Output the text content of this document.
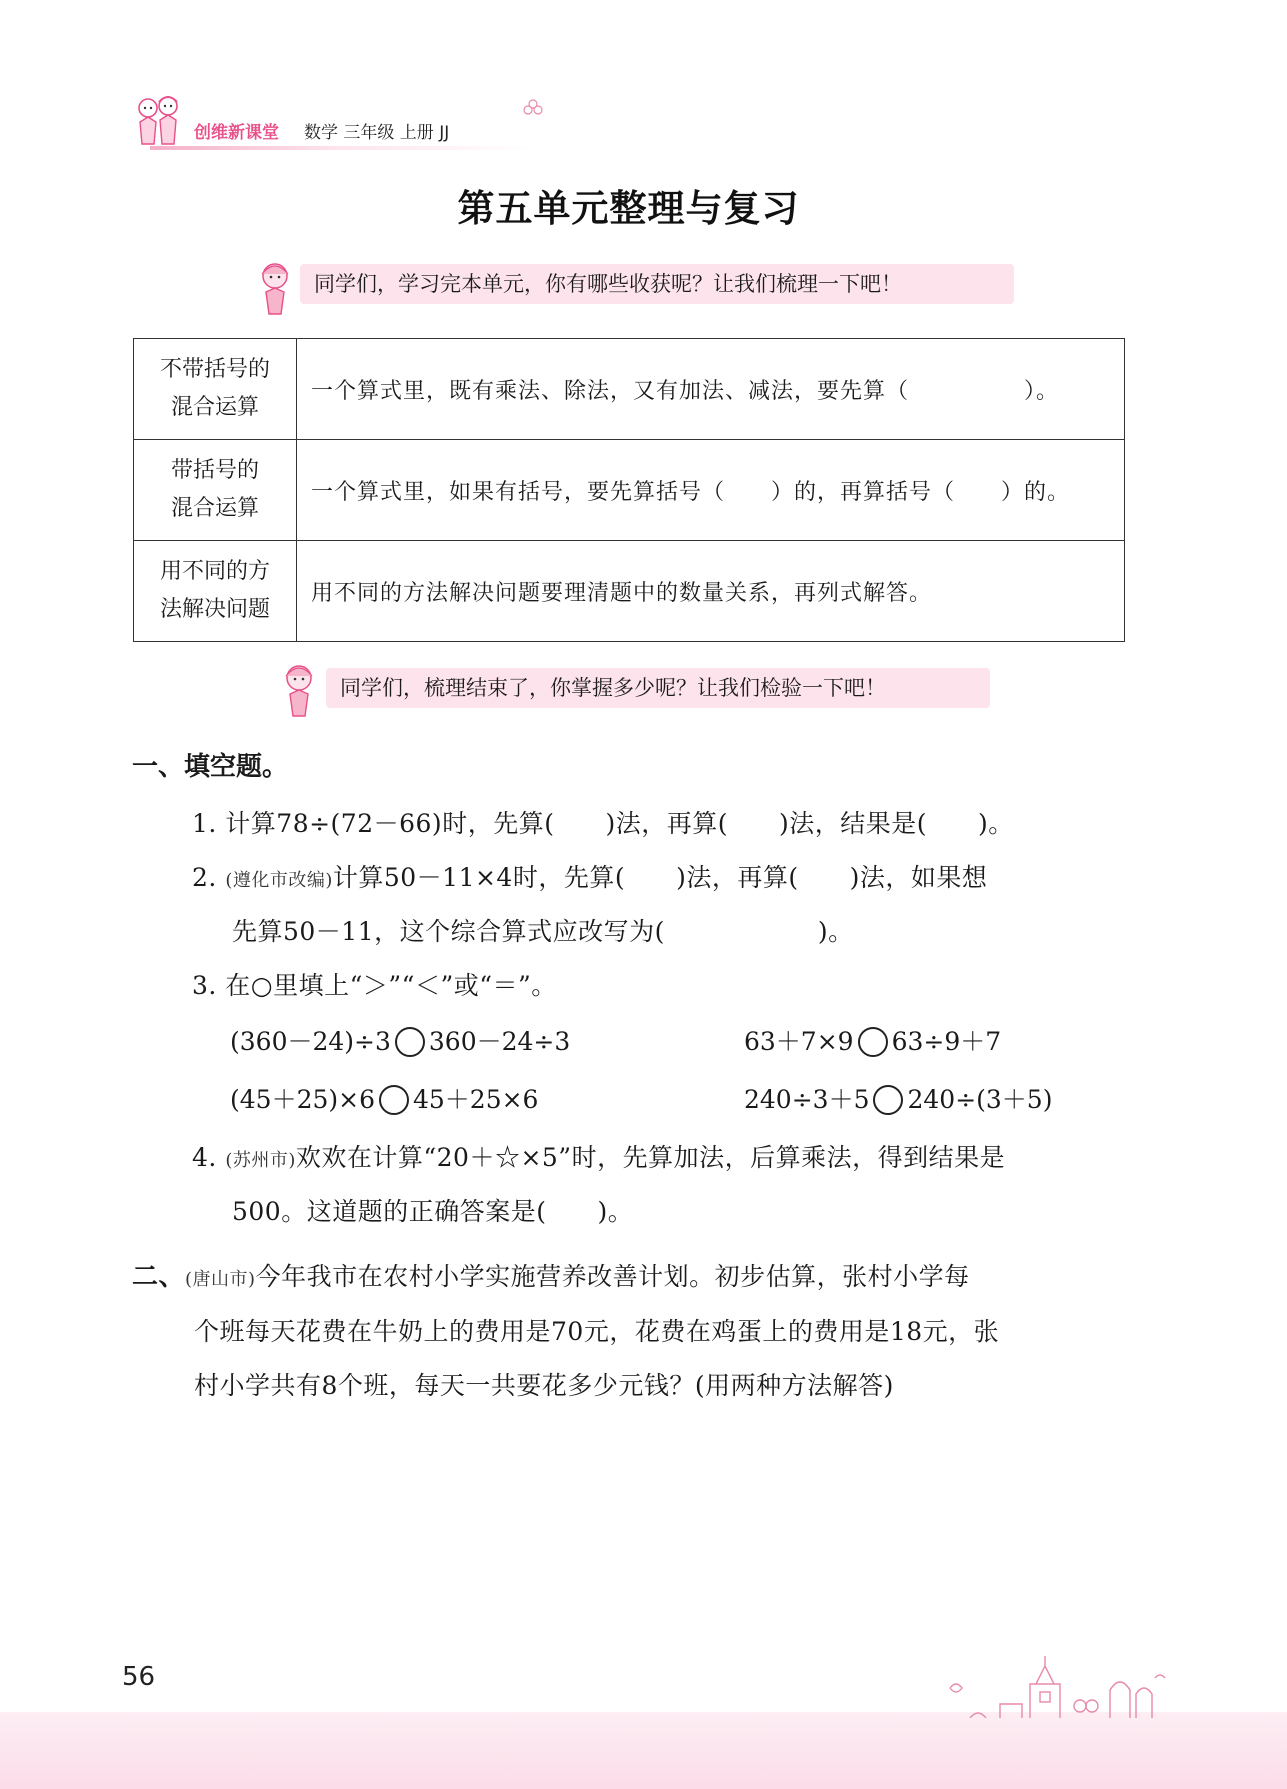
创维新课堂 数学 三年级 上册 JJ
第五单元整理与复习
同学们，学习完本单元，你有哪些收获呢？让我们梳理一下吧！
不带括号的
混合运算	一个算式里，既有乘法、除法，又有加法、减法，要先算（　　　　　）。

带括号的
混合运算	一个算式里，如果有括号，要先算括号（　　）的，再算括号（　　）的。

用不同的方
法解决问题	用不同的方法解决问题要理清题中的数量关系，再列式解答。
同学们，梳理结束了，你掌握多少呢？让我们检验一下吧！
一、填空题。
1. 计算78÷(72－66)时，先算(　　)法，再算(　　)法，结果是(　　)。
2. (遵化市改编)计算50－11×4时，先算(　　)法，再算(　　)法，如果想
先算50－11，这个综合算式应改写为(　　　　　　)。
3. 在○里填上“＞”“＜”或“＝”。
(360－24)÷3 360－24÷3	63＋7×9 63÷9＋7
(45＋25)×6 45＋25×6	240÷3＋5 240÷(3＋5)
4. (苏州市)欢欢在计算“20＋☆×5”时，先算加法，后算乘法，得到结果是
500。这道题的正确答案是(　　)。
二、(唐山市)今年我市在农村小学实施营养改善计划。初步估算，张村小学每
个班每天花费在牛奶上的费用是70元，花费在鸡蛋上的费用是18元，张
村小学共有8个班，每天一共要花多少元钱？(用两种方法解答)
56
